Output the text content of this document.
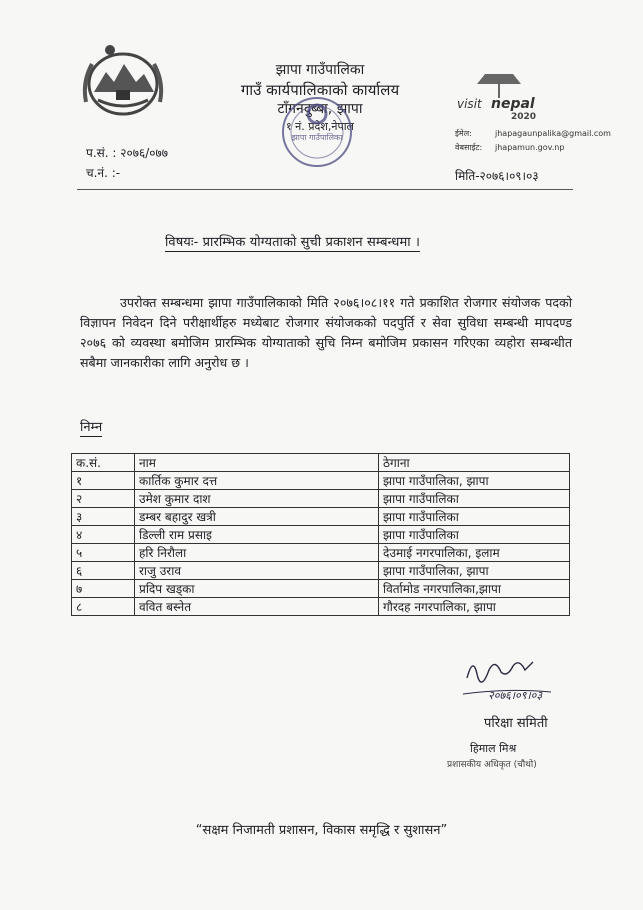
झापा गाउँपालिका
गाउँ कार्यपालिकाको कार्यालय
टाँगनदुब्बा, झापा
१ नं. प्रदेश,नेपाल
झापा गाउँपालिका
visit nepal
2020
ईमेल:	jhapagaunpalika@gmail.com
वेबसाईट: jhapamun.gov.np
प.सं. : २०७६/०७७
च.नं. :-	मिति-२०७६।०९।०३
विषयः- प्रारम्भिक योग्यताको सुची प्रकाशन सम्बन्धमा ।
उपरोक्त सम्बन्धमा झापा गाउँपालिकाको मिति २०७६।०८।११ गते प्रकाशित रोजगार संयोजक पदको विज्ञापन निवेदन दिने परीक्षार्थीहरु मध्येबाट रोजगार संयोजकको पदपुर्ति र सेवा सुविधा सम्बन्धी मापदण्ड २०७६ को व्यवस्था बमोजिम प्रारम्भिक योग्याताको सुचि निम्न बमोजिम प्रकासन गरिएका व्यहोरा सम्बन्धीत सबैमा जानकारीका लागि अनुरोध छ ।
निम्न
क.सं.	नाम	ठेगाना
१	कार्तिक कुमार दत्त	झापा गाउँपालिका, झापा
२	उमेश कुमार दाश	झापा गाउँपालिका
३	डम्बर बहादुर खत्री	झापा गाउँपालिका
४	डिल्ली राम प्रसाइ	झापा गाउँपालिका
५	हरि निरौला	देउमाई नगरपालिका, इलाम
६	राजु उराव	झापा गाउँपालिका, झापा
७	प्रदिप खड्का	विर्तामोड नगरपालिका,झापा
८	ववित बस्नेत	गौरदह नगरपालिका, झापा
२०७६।०९।०३
परिक्षा समिती
हिमाल मिश्र
प्रशासकीय अधिकृत (चौथो)
“सक्षम निजामती प्रशासन, विकास समृद्धि र सुशासन”
